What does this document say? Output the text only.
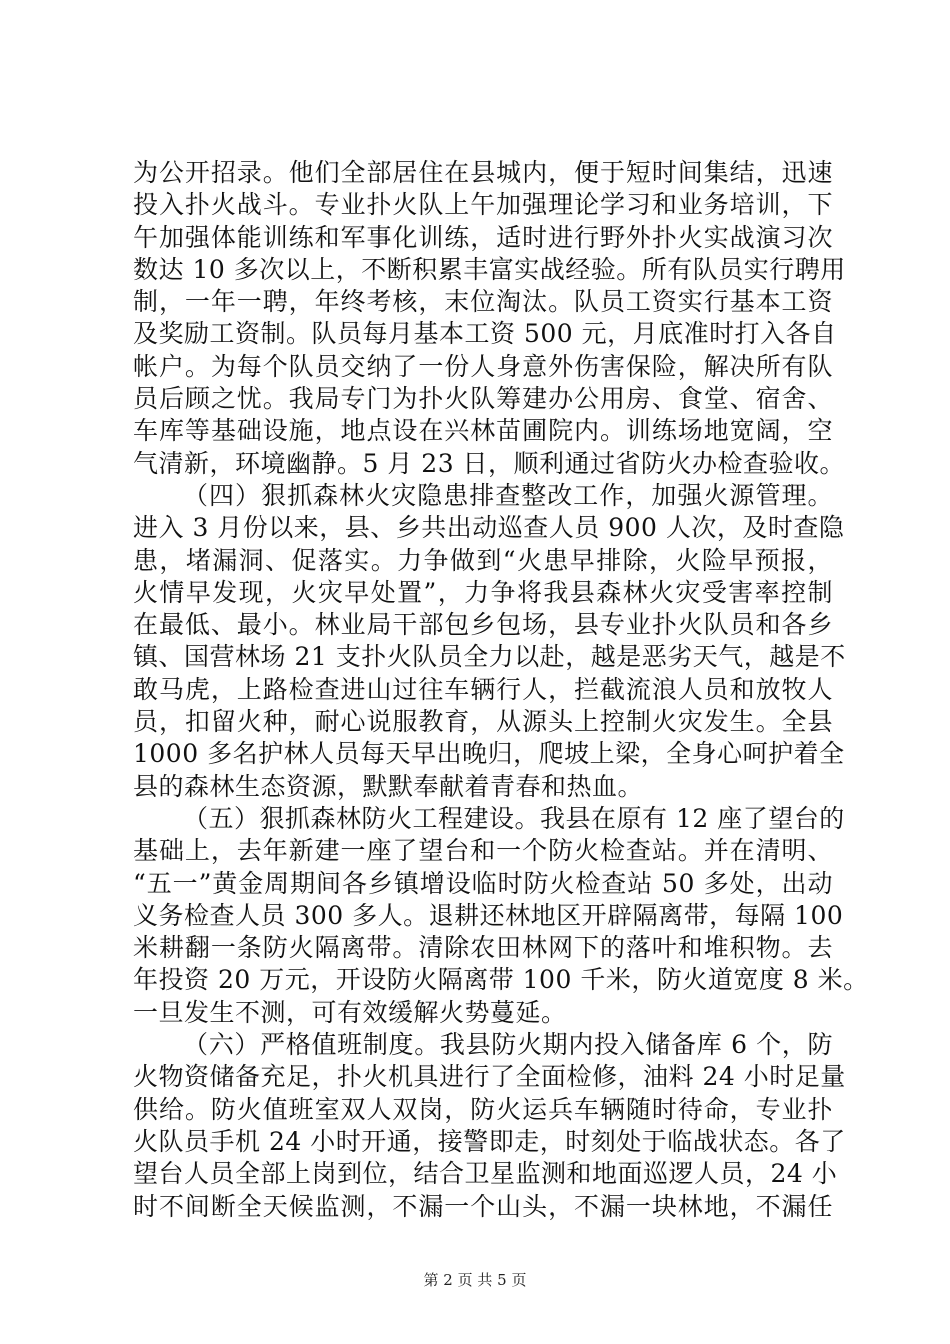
为公开招录。他们全部居住在县城内，便于短时间集结，迅速
投入扑火战斗。专业扑火队上午加强理论学习和业务培训，下
午加强体能训练和军事化训练，适时进行野外扑火实战演习次
数达 10 多次以上，不断积累丰富实战经验。所有队员实行聘用
制，一年一聘，年终考核，末位淘汰。队员工资实行基本工资
及奖励工资制。队员每月基本工资 500 元，月底准时打入各自
帐户。为每个队员交纳了一份人身意外伤害保险，解决所有队
员后顾之忧。我局专门为扑火队筹建办公用房、食堂、宿舍、
车库等基础设施，地点设在兴林苗圃院内。训练场地宽阔，空
气清新，环境幽静。5 月 23 日，顺利通过省防火办检查验收。
（四）狠抓森林火灾隐患排查整改工作，加强火源管理。
进入 3 月份以来，县、乡共出动巡查人员 900 人次，及时查隐
患，堵漏洞、促落实。力争做到“火患早排除，火险早预报，
火情早发现，火灾早处置”，力争将我县森林火灾受害率控制
在最低、最小。林业局干部包乡包场，县专业扑火队员和各乡
镇、国营林场 21 支扑火队员全力以赴，越是恶劣天气，越是不
敢马虎，上路检查进山过往车辆行人，拦截流浪人员和放牧人
员，扣留火种，耐心说服教育，从源头上控制火灾发生。全县
1000 多名护林人员每天早出晚归，爬坡上梁，全身心呵护着全
县的森林生态资源，默默奉献着青春和热血。
（五）狠抓森林防火工程建设。我县在原有 12 座了望台的
基础上，去年新建一座了望台和一个防火检查站。并在清明、
“五一”黄金周期间各乡镇增设临时防火检查站 50 多处，出动
义务检查人员 300 多人。退耕还林地区开辟隔离带，每隔 100
米耕翻一条防火隔离带。清除农田林网下的落叶和堆积物。去
年投资 20 万元，开设防火隔离带 100 千米，防火道宽度 8 米。
一旦发生不测，可有效缓解火势蔓延。
（六）严格值班制度。我县防火期内投入储备库 6 个，防
火物资储备充足，扑火机具进行了全面检修，油料 24 小时足量
供给。防火值班室双人双岗，防火运兵车辆随时待命，专业扑
火队员手机 24 小时开通，接警即走，时刻处于临战状态。各了
望台人员全部上岗到位，结合卫星监测和地面巡逻人员，24 小
时不间断全天候监测，不漏一个山头，不漏一块林地，不漏任
第 2 页 共 5 页
